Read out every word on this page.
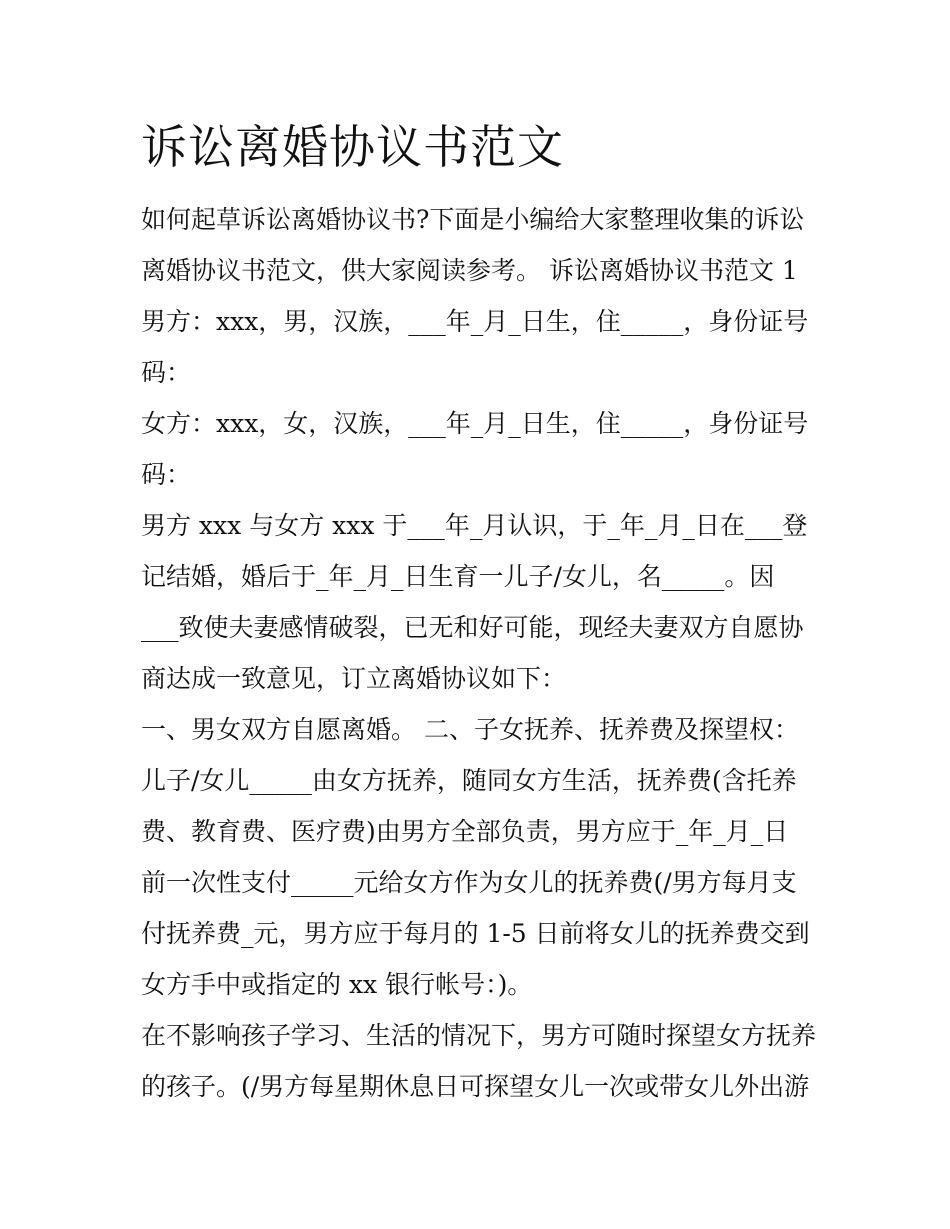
诉讼离婚协议书范文
如何起草诉讼离婚协议书?下面是小编给大家整理收集的诉讼
离婚协议书范文，供大家阅读参考。 诉讼离婚协议书范文 1
男方：xxx，男，汉族，___年_月_日生，住_____，身份证号
码：
女方：xxx，女，汉族，___年_月_日生，住_____，身份证号
码：
男方 xxx 与女方 xxx 于___年_月认识，于_年_月_日在___登
记结婚，婚后于_年_月_日生育一儿子/女儿，名_____。因
___致使夫妻感情破裂，已无和好可能，现经夫妻双方自愿协
商达成一致意见，订立离婚协议如下：
一、男女双方自愿离婚。 二、子女抚养、抚养费及探望权：
儿子/女儿_____由女方抚养，随同女方生活，抚养费(含托养
费、教育费、医疗费)由男方全部负责，男方应于_年_月_日
前一次性支付_____元给女方作为女儿的抚养费(/男方每月支
付抚养费_元，男方应于每月的 1-5 日前将女儿的抚养费交到
女方手中或指定的 xx 银行帐号：)。
在不影响孩子学习、生活的情况下，男方可随时探望女方抚养
的孩子。(/男方每星期休息日可探望女儿一次或带女儿外出游
